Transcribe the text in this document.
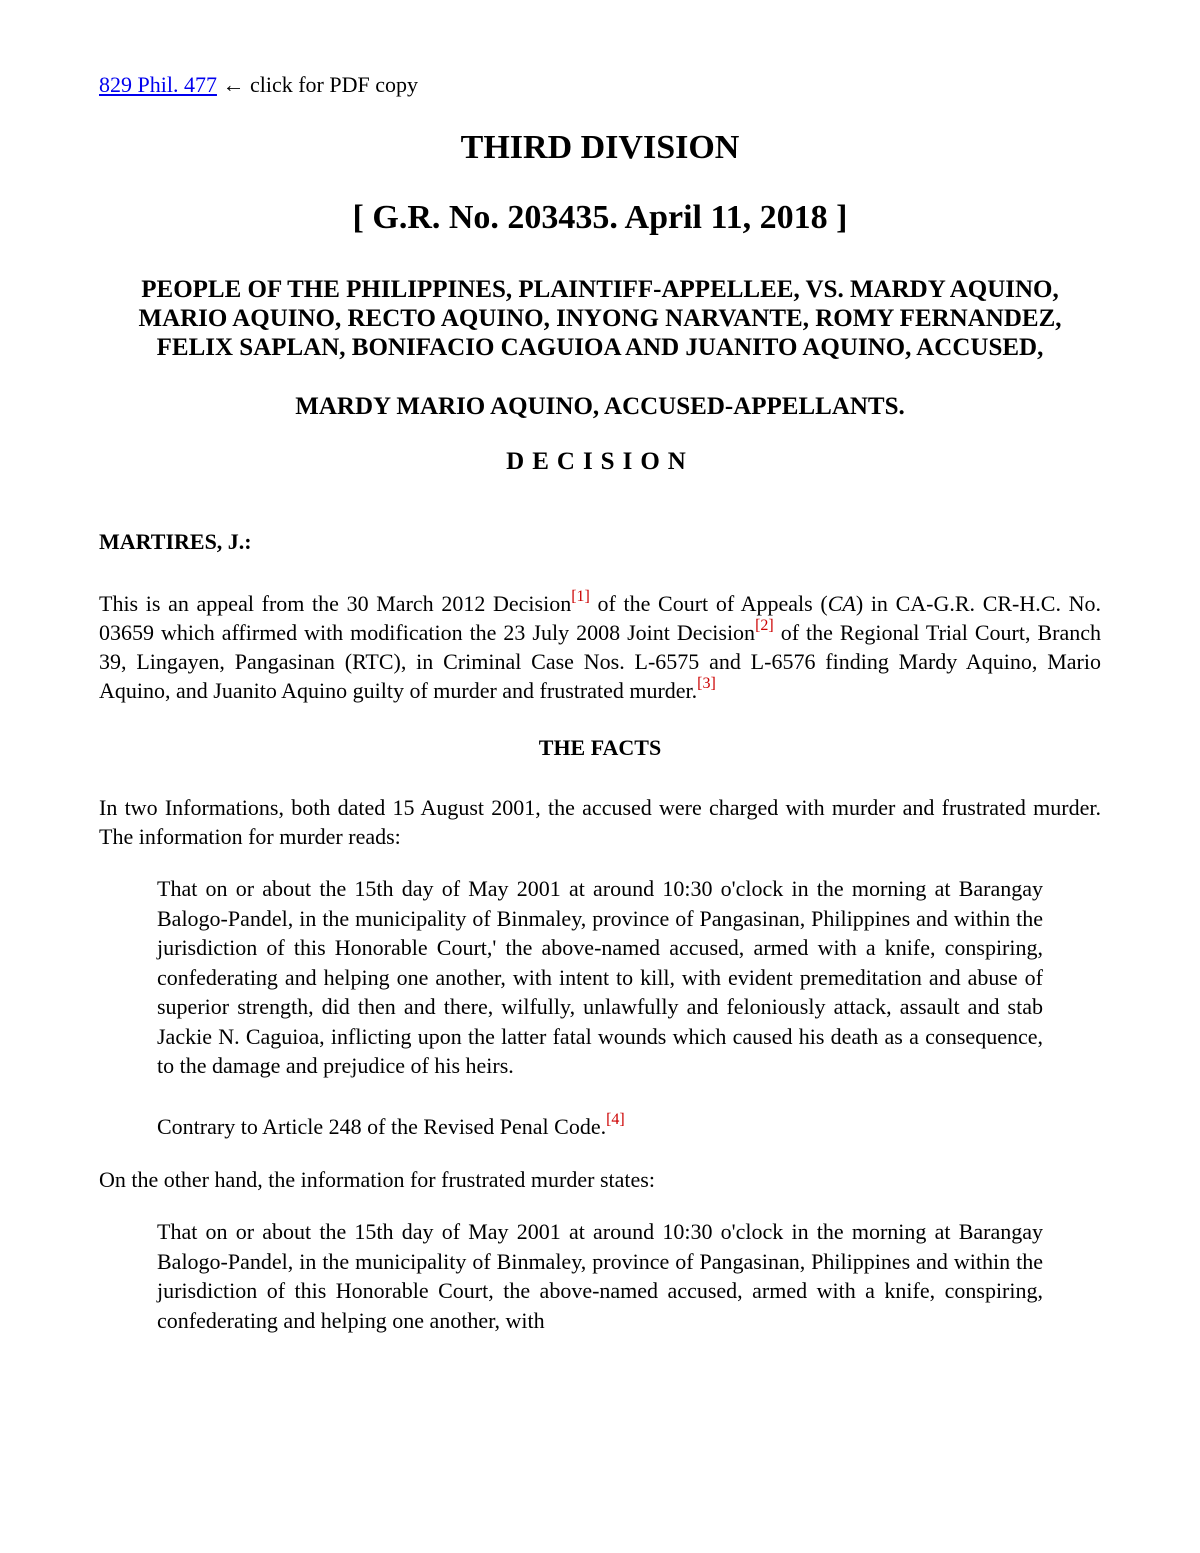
829 Phil. 477 ← click for PDF copy

THIRD DIVISION
[ G.R. No. 203435. April 11, 2018 ]
PEOPLE OF THE PHILIPPINES, PLAINTIFF-APPELLEE, VS. MARDY AQUINO, MARIO AQUINO, RECTO AQUINO, INYONG NARVANTE, ROMY FERNANDEZ, FELIX SAPLAN, BONIFACIO CAGUIOA AND JUANITO AQUINO, ACCUSED,
MARDY MARIO AQUINO, ACCUSED-APPELLANTS.
DECISION
MARTIRES, J.:

This is an appeal from the 30 March 2012 Decision[1] of the Court of Appeals (CA) in CA-G.R. CR-H.C. No. 03659 which affirmed with modification the 23 July 2008 Joint Decision[2] of the Regional Trial Court, Branch 39, Lingayen, Pangasinan (RTC), in Criminal Case Nos. L-6575 and L-6576 finding Mardy Aquino, Mario Aquino, and Juanito Aquino guilty of murder and frustrated murder.[3]

THE FACTS

In two Informations, both dated 15 August 2001, the accused were charged with murder and frustrated murder. The information for murder reads:

That on or about the 15th day of May 2001 at around 10:30 o'clock in the morning at Barangay Balogo-Pandel, in the municipality of Binmaley, province of Pangasinan, Philippines and within the jurisdiction of this Honorable Court,' the above-named accused, armed with a knife, conspiring, confederating and helping one another, with intent to kill, with evident premeditation and abuse of superior strength, did then and there, wilfully, unlawfully and feloniously attack, assault and stab Jackie N. Caguioa, inflicting upon the latter fatal wounds which caused his death as a consequence, to the damage and prejudice of his heirs.

Contrary to Article 248 of the Revised Penal Code.[4]

On the other hand, the information for frustrated murder states:

That on or about the 15th day of May 2001 at around 10:30 o'clock in the morning at Barangay Balogo-Pandel, in the municipality of Binmaley, province of Pangasinan, Philippines and within the jurisdiction of this Honorable Court, the above-named accused, armed with a knife, conspiring, confederating and helping one another, with
